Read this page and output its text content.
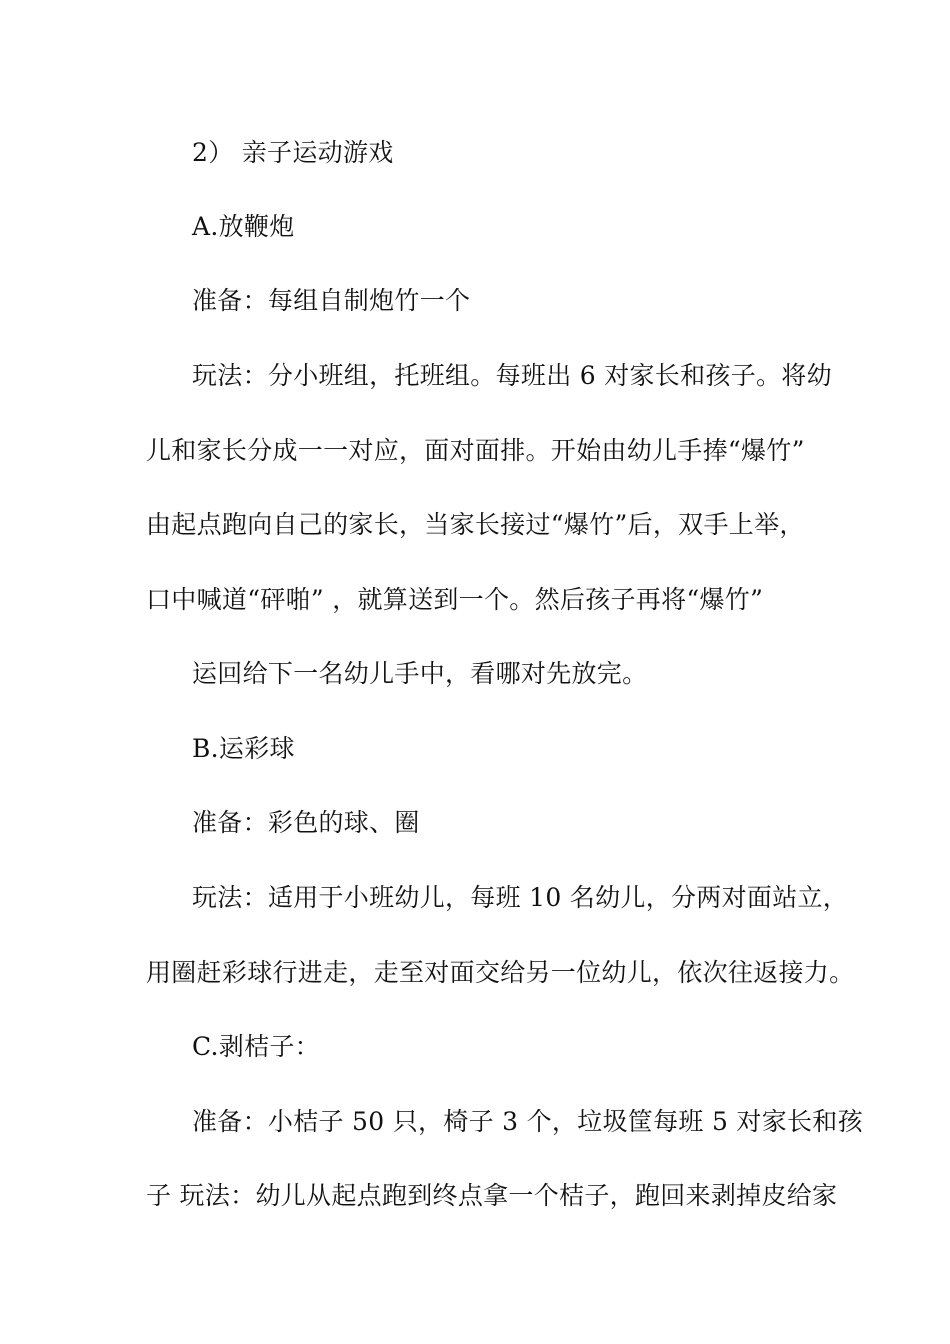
2） 亲子运动游戏
A.放鞭炮
准备：每组自制炮竹一个
玩法：分小班组，托班组。每班出 6 对家长和孩子。将幼
儿和家长分成一一对应，面对面排。开始由幼儿手捧“爆竹”
由起点跑向自己的家长，当家长接过“爆竹”后，双手上举，
口中喊道“砰啪” ，就算送到一个。然后孩子再将“爆竹”
运回给下一名幼儿手中，看哪对先放完。
B.运彩球
准备：彩色的球、圈
玩法：适用于小班幼儿，每班 10 名幼儿，分两对面站立，
用圈赶彩球行进走，走至对面交给另一位幼儿，依次往返接力。
C.剥桔子：
准备：小桔子 50 只，椅子 3 个，垃圾筐每班 5 对家长和孩
子 玩法：幼儿从起点跑到终点拿一个桔子，跑回来剥掉皮给家
